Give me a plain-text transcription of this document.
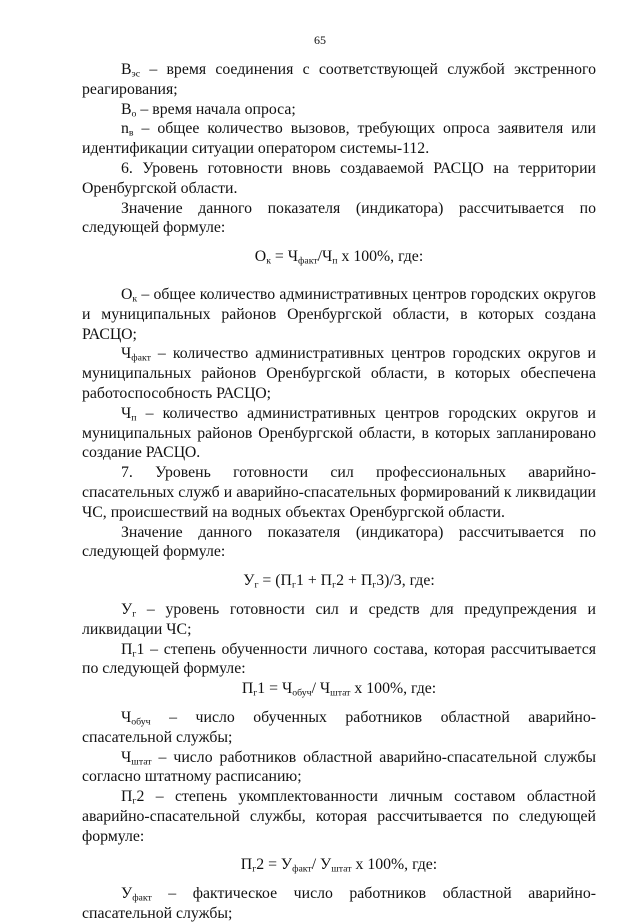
65

$В_{эс}$ – время соединения с соответствующей службой экстренного реагирования;

$В_о$ – время начала опроса;

$n_в$ – общее количество вызовов, требующих опроса заявителя или идентификации ситуации оператором системы-112.

6. Уровень готовности вновь создаваемой РАСЦО на территории Оренбургской области.

Значение данного показателя (индикатора) рассчитывается по следующей формуле:

$О_к = Ч_{факт}/Ч_п$ х 100%, где:

$О_к$ – общее количество административных центров городских округов и муниципальных районов Оренбургской области, в которых создана РАСЦО;

$Ч_{факт}$ – количество административных центров городских округов и муниципальных районов Оренбургской области, в которых обеспечена работоспособность РАСЦО;

$Ч_п$ – количество административных центров городских округов и муниципальных районов Оренбургской области, в которых запланировано создание РАСЦО.

7. Уровень готовности сил профессиональных аварийно-спасательных служб и аварийно-спасательных формирований к ликвидации ЧС, происшествий на водных объектах Оренбургской области.

Значение данного показателя (индикатора) рассчитывается по следующей формуле:

$У_г = (П_г1 + П_г2 + П_г3)/3$, где:

$У_г$ – уровень готовности сил и средств для предупреждения и ликвидации ЧС;

$П_г1$ – степень обученности личного состава, которая рассчитывается по следующей формуле:

$П_г1 = Ч_{обуч}/$ $Ч_{штат}$ х 100%, где:

$Ч_{обуч}$ – число обученных работников областной аварийно-спасательной службы;

$Ч_{штат}$ – число работников областной аварийно-спасательной службы согласно штатному расписанию;

$П_г2$ – степень укомплектованности личным составом областной аварийно-спасательной службы, которая рассчитывается по следующей формуле:

$П_г2 = У_{факт}/$ $У_{штат}$ х 100%, где:

$У_{факт}$ – фактическое число работников областной аварийно-спасательной службы;
